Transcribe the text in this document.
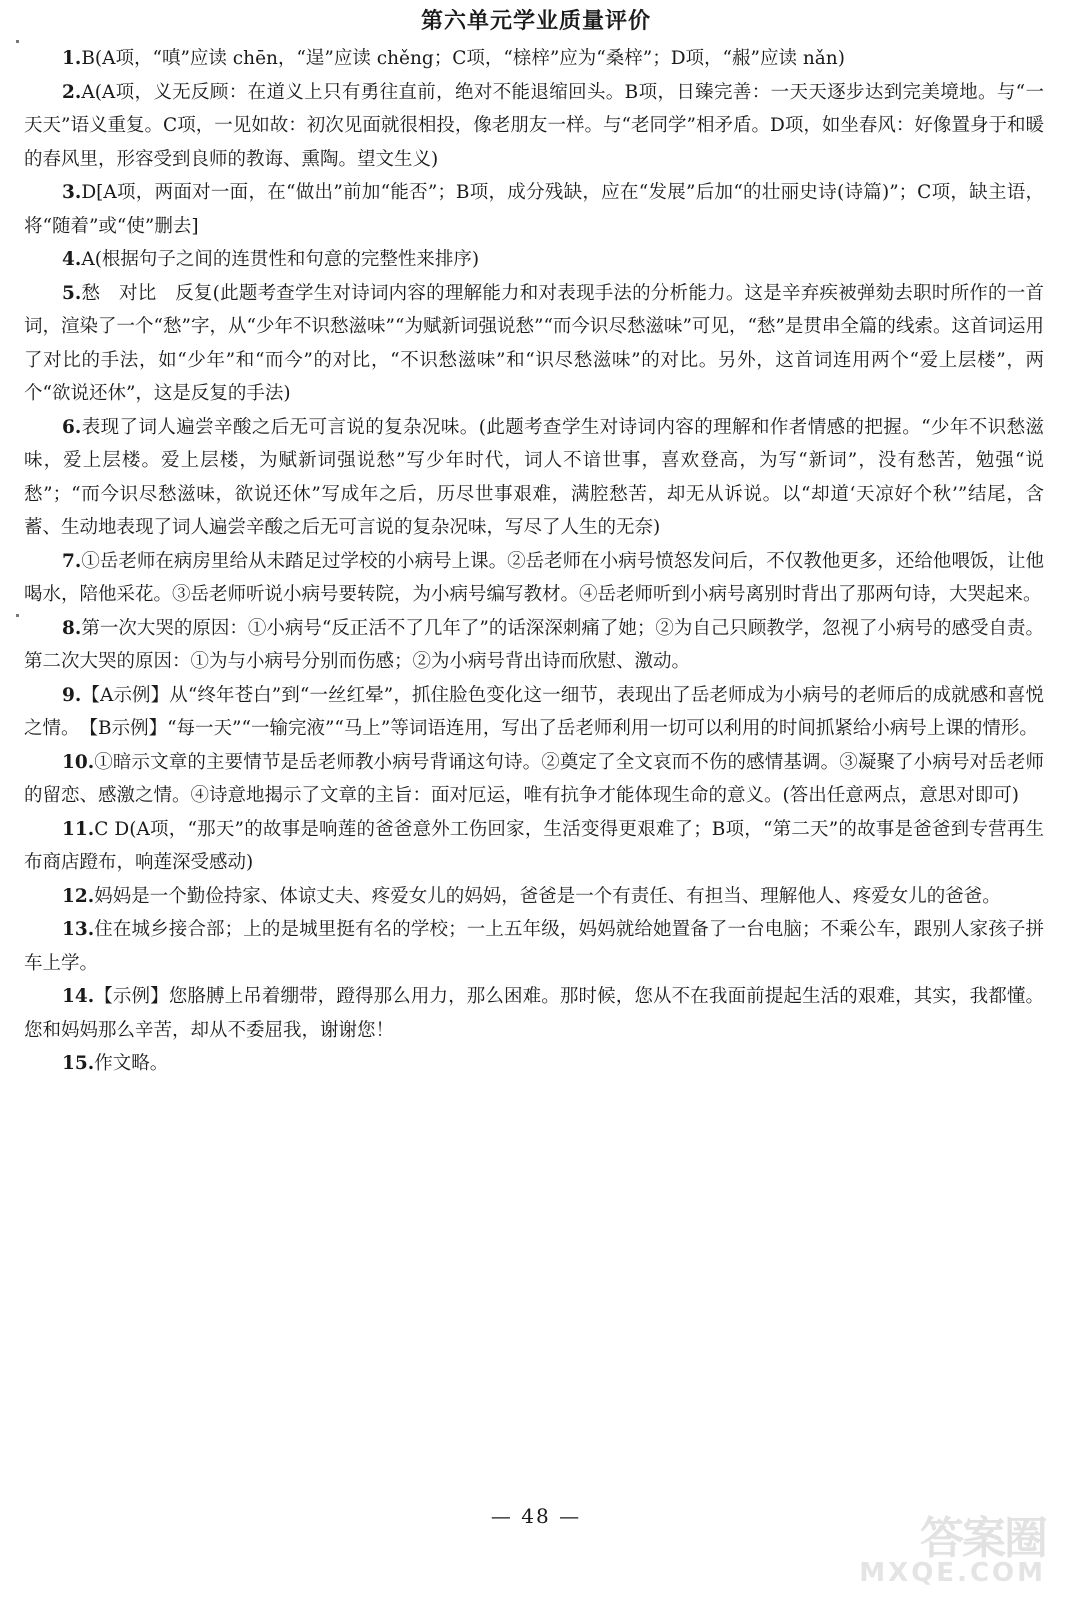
第六单元学业质量评价

1.B(A项，“嗔”应读 chēn，“逞”应读 chěng；C项，“榇梓”应为“桑梓”；D项，“赧”应读 nǎn)

2.A(A项，义无反顾：在道义上只有勇往直前，绝对不能退缩回头。B项，日臻完善：一天天逐步达到完美境地。与“一天天”语义重复。C项，一见如故：初次见面就很相投，像老朋友一样。与“老同学”相矛盾。D项，如坐春风：好像置身于和暖的春风里，形容受到良师的教诲、熏陶。望文生义)

3.D[A项，两面对一面，在“做出”前加“能否”；B项，成分残缺，应在“发展”后加“的壮丽史诗(诗篇)”；C项，缺主语，将“随着”或“使”删去]

4.A(根据句子之间的连贯性和句意的完整性来排序)

5.愁　对比　反复(此题考查学生对诗词内容的理解能力和对表现手法的分析能力。这是辛弃疾被弹劾去职时所作的一首词，渲染了一个“愁”字，从“少年不识愁滋味”“为赋新词强说愁”“而今识尽愁滋味”可见，“愁”是贯串全篇的线索。这首词运用了对比的手法，如“少年”和“而今”的对比，“不识愁滋味”和“识尽愁滋味”的对比。另外，这首词连用两个“爱上层楼”，两个“欲说还休”，这是反复的手法)

6.表现了词人遍尝辛酸之后无可言说的复杂况味。(此题考查学生对诗词内容的理解和作者情感的把握。“少年不识愁滋味，爱上层楼。爱上层楼，为赋新词强说愁”写少年时代，词人不谙世事，喜欢登高，为写“新词”，没有愁苦，勉强“说愁”；“而今识尽愁滋味，欲说还休”写成年之后，历尽世事艰难，满腔愁苦，却无从诉说。以“却道‘天凉好个秋’”结尾，含蓄、生动地表现了词人遍尝辛酸之后无可言说的复杂况味，写尽了人生的无奈)

7.①岳老师在病房里给从未踏足过学校的小病号上课。②岳老师在小病号愤怒发问后，不仅教他更多，还给他喂饭，让他喝水，陪他采花。③岳老师听说小病号要转院，为小病号编写教材。④岳老师听到小病号离别时背出了那两句诗，大哭起来。

8.第一次大哭的原因：①小病号“反正活不了几年了”的话深深刺痛了她；②为自己只顾教学，忽视了小病号的感受自责。第二次大哭的原因：①为与小病号分别而伤感；②为小病号背出诗而欣慰、激动。

9.【A示例】从“终年苍白”到“一丝红晕”，抓住脸色变化这一细节，表现出了岳老师成为小病号的老师后的成就感和喜悦之情。　【B示例】“每一天”“一输完液”“马上”等词语连用，写出了岳老师利用一切可以利用的时间抓紧给小病号上课的情形。

10.①暗示文章的主要情节是岳老师教小病号背诵这句诗。②奠定了全文哀而不伤的感情基调。③凝聚了小病号对岳老师的留恋、感激之情。④诗意地揭示了文章的主旨：面对厄运，唯有抗争才能体现生命的意义。(答出任意两点，意思对即可)

11.C D(A项，“那天”的故事是响莲的爸爸意外工伤回家，生活变得更艰难了；B项，“第二天”的故事是爸爸到专营再生布商店蹬布，响莲深受感动)

12.妈妈是一个勤俭持家、体谅丈夫、疼爱女儿的妈妈，爸爸是一个有责任、有担当、理解他人、疼爱女儿的爸爸。

13.住在城乡接合部；上的是城里挺有名的学校；一上五年级，妈妈就给她置备了一台电脑；不乘公车，跟别人家孩子拼车上学。

14.【示例】您胳膊上吊着绷带，蹬得那么用力，那么困难。那时候，您从不在我面前提起生活的艰难，其实，我都懂。您和妈妈那么辛苦，却从不委屈我，谢谢您！

15.作文略。

— 48 —	答案圈
MXQE.COM
